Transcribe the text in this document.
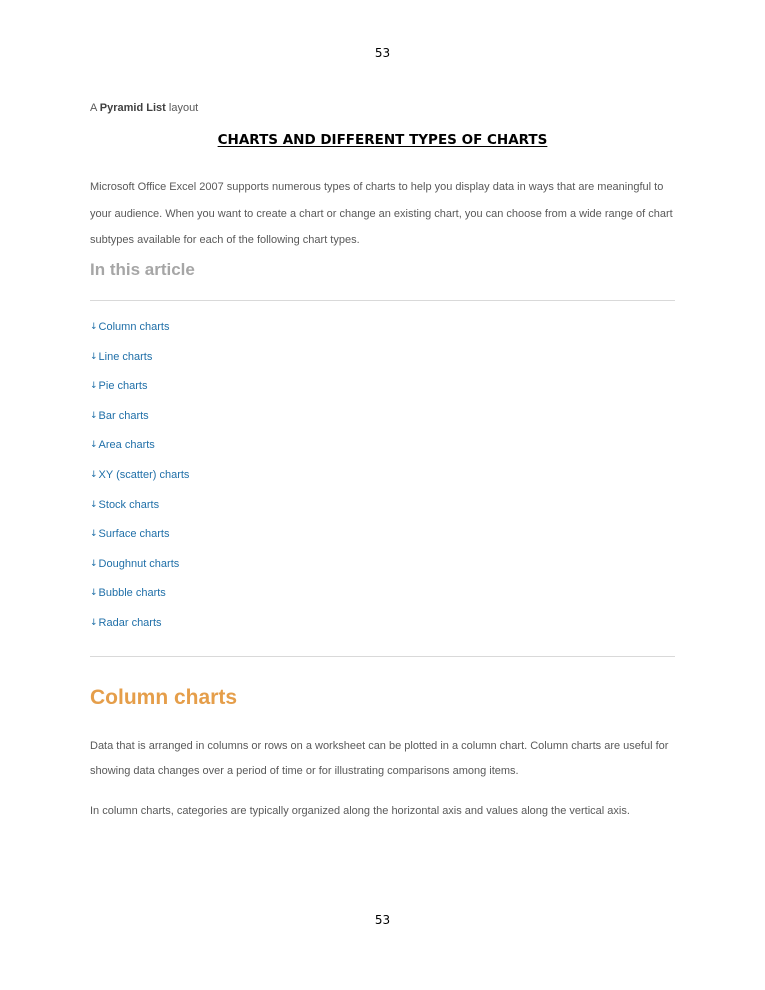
53
A Pyramid List layout
CHARTS AND DIFFERENT TYPES OF CHARTS

Microsoft Office Excel 2007 supports numerous types of charts to help you display data in ways that are meaningful to your audience. When you want to create a chart or change an existing chart, you can choose from a wide range of chart subtypes available for each of the following chart types.

In this article
↓ Column charts
↓ Line charts
↓ Pie charts
↓ Bar charts
↓ Area charts
↓ XY (scatter) charts
↓ Stock charts
↓ Surface charts
↓ Doughnut charts
↓ Bubble charts
↓ Radar charts
Column charts

Data that is arranged in columns or rows on a worksheet can be plotted in a column chart. Column charts are useful for showing data changes over a period of time or for illustrating comparisons among items.

In column charts, categories are typically organized along the horizontal axis and values along the vertical axis.

53
